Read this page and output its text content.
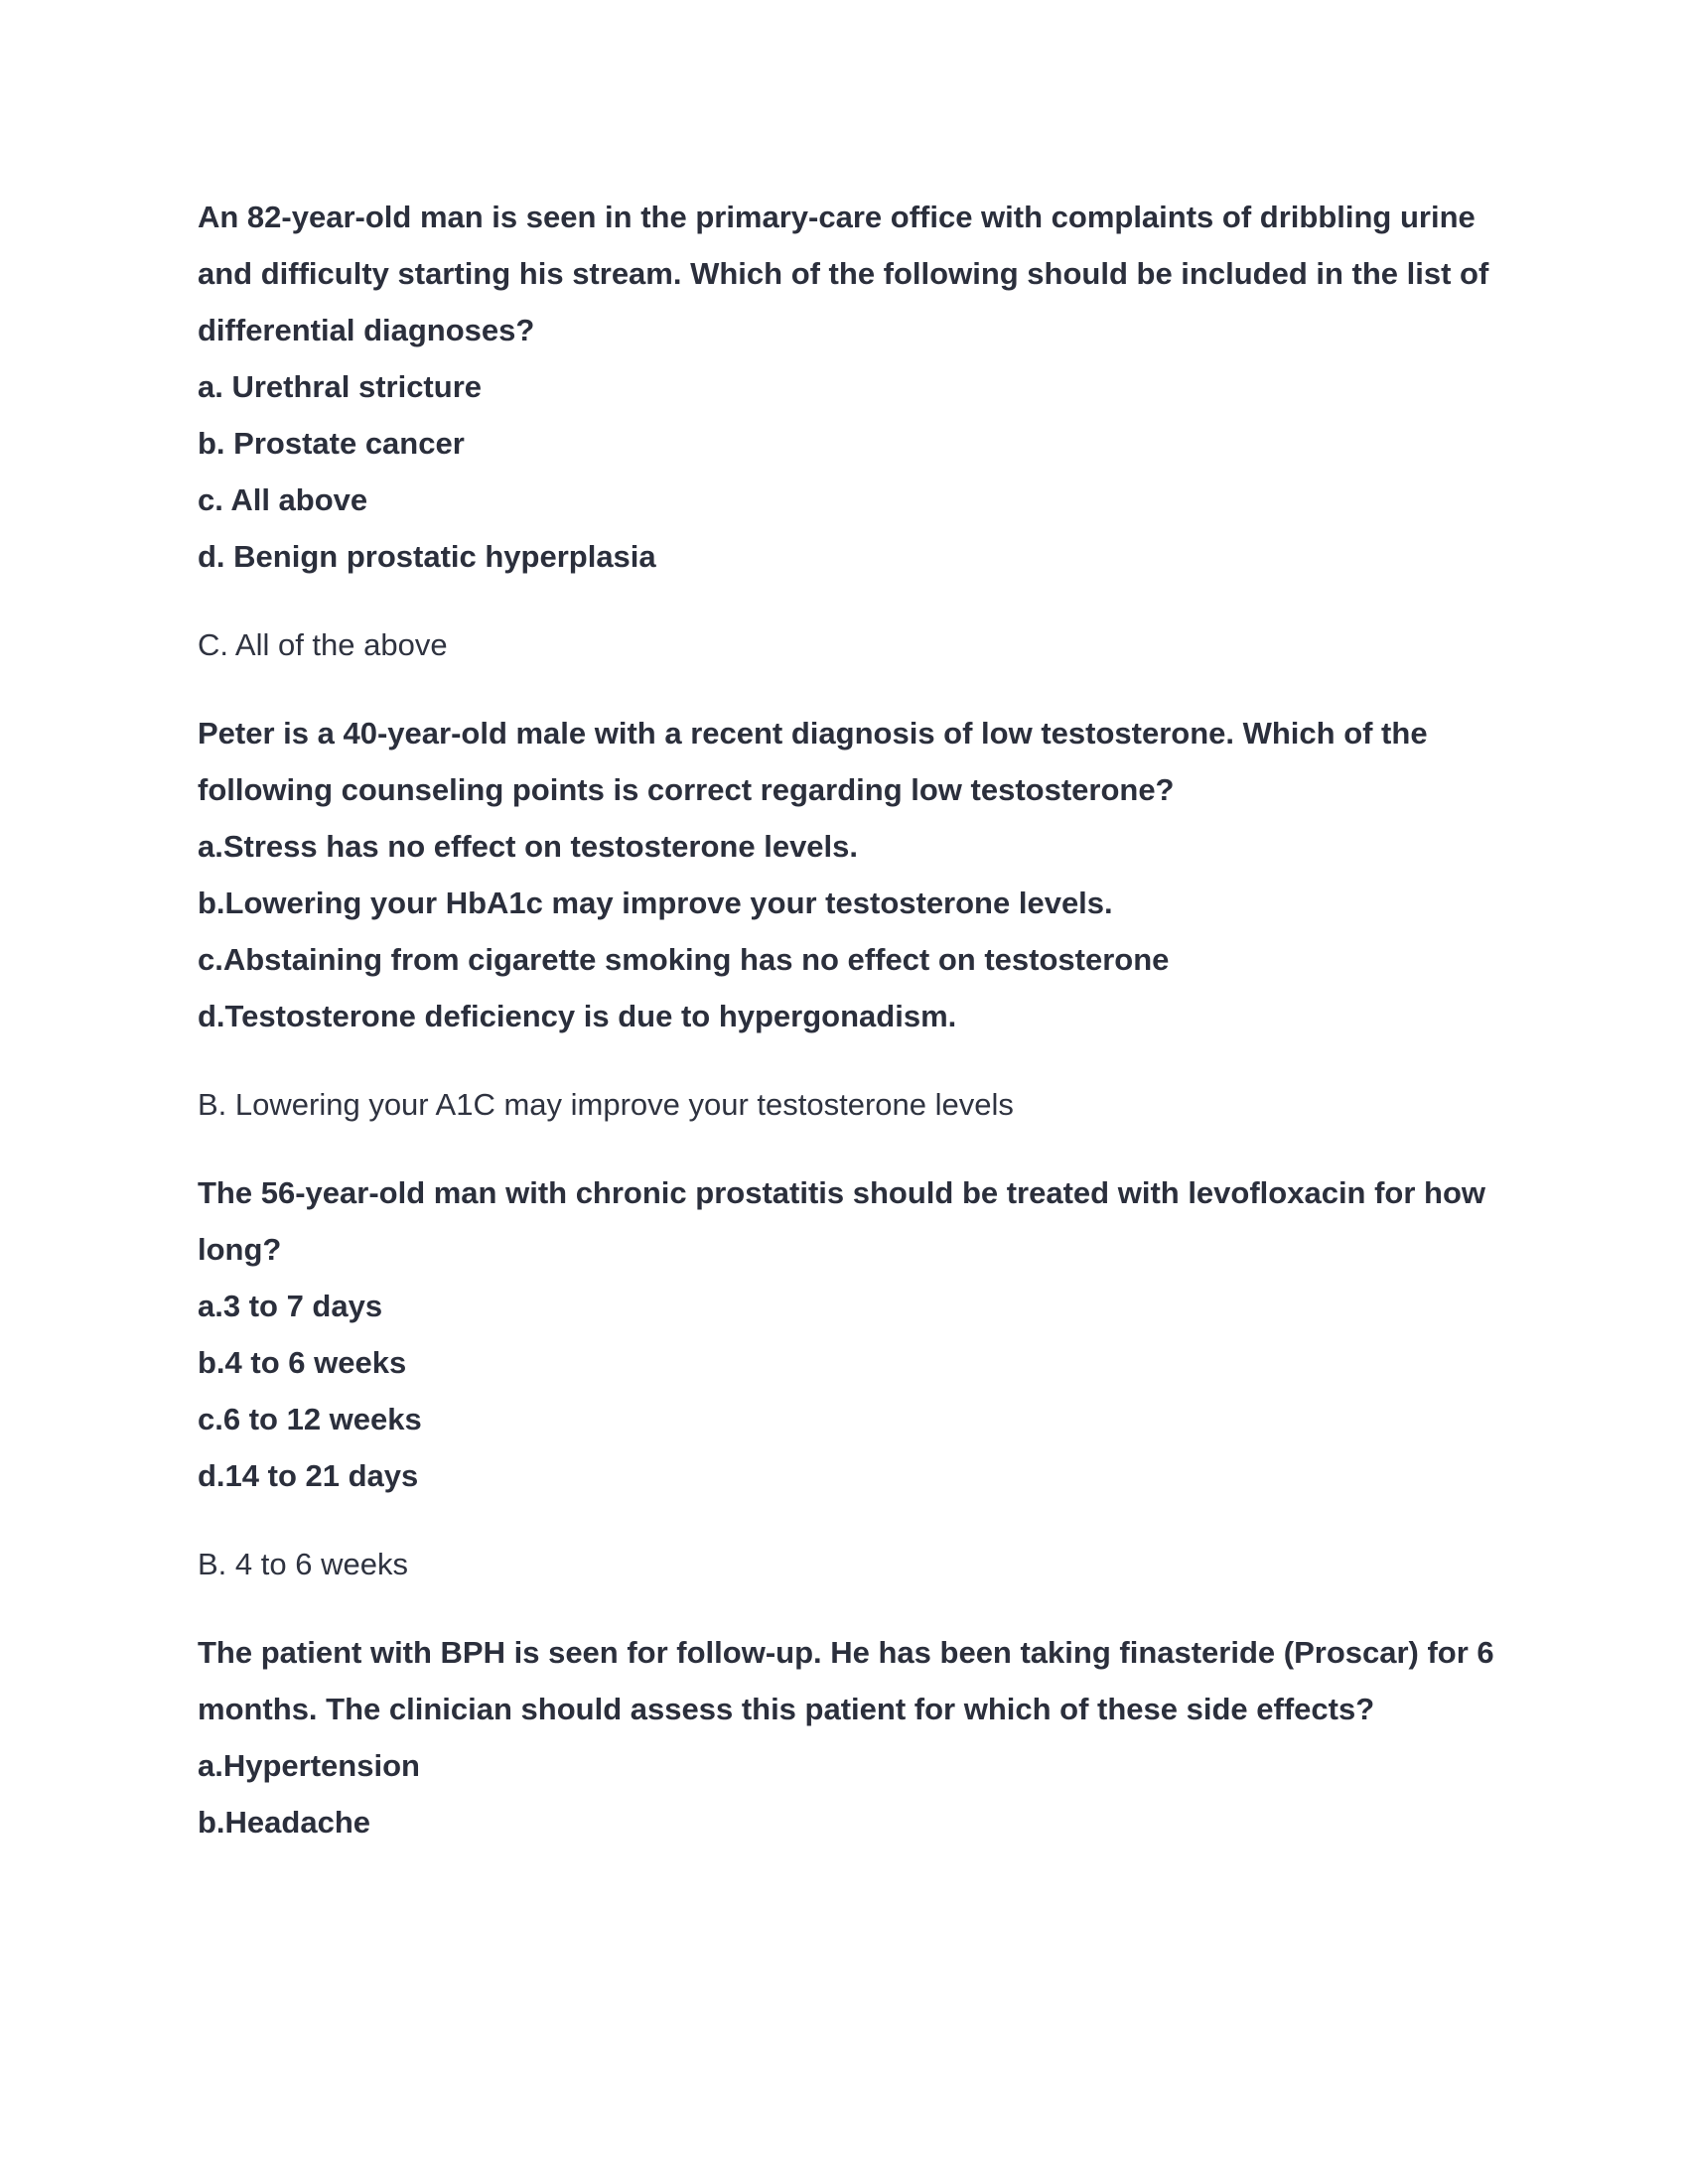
An 82-year-old man is seen in the primary-care office with complaints of dribbling urine and difficulty starting his stream. Which of the following should be included in the list of differential diagnoses?

a. Urethral stricture

b. Prostate cancer

c. All above

d. Benign prostatic hyperplasia

C. All of the above

Peter is a 40-year-old male with a recent diagnosis of low testosterone. Which of the following counseling points is correct regarding low testosterone?

a.Stress has no effect on testosterone levels.

b.Lowering your HbA1c may improve your testosterone levels.

c.Abstaining from cigarette smoking has no effect on testosterone

d.Testosterone deficiency is due to hypergonadism.

B. Lowering your A1C may improve your testosterone levels

The 56-year-old man with chronic prostatitis should be treated with levofloxacin for how long?

a.3 to 7 days

b.4 to 6 weeks

c.6 to 12 weeks

d.14 to 21 days

B. 4 to 6 weeks

The patient with BPH is seen for follow-up. He has been taking finasteride (Proscar) for 6 months. The clinician should assess this patient for which of these side effects?

a.Hypertension

b.Headache
